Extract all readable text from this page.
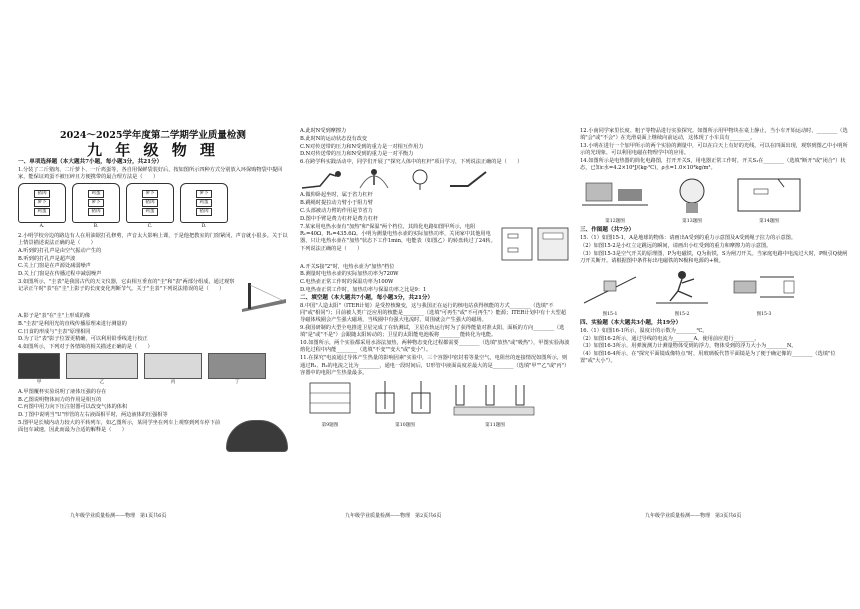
2024～2025学年度第二学期学业质量检测
九 年 级 物 理

一、单项选择题（本大题共7小题，每小题3分，共21分）

1.分装了二斤猪肉、二斤萝卜、一斤鸡蛋等，各自用保鲜袋装好后，按如图所示四种方式分别放入环保购物袋中提回家，能保证鸡蛋不被压碎且方便携带的最合理方法是（　　）

猪肉
萝卜
鸡蛋
A.
鸡蛋
萝卜
猪肉
B.
萝卜
猪肉
鸡蛋
C.
萝卜
鸡蛋
猪肉
D.

2.小明学校旁边的路边有人在用油锯打孔修剪，声音太大影响上课，于是他把教室的门窗紧闭，声音就小很多。关于以上情景描述说法正确的是（　　）

A.听到的打孔声是由空气振动产生的

B.听到的打孔声是超声波

C.关上门窗是在声源处减弱噪声

D.关上门窗是在传播过程中减弱噪声

3.如图所示，"圭表"是我国古代的天文仪器，它由相互垂直的"圭"和"表"两部分组成，通过观察记录正午时"表"在"圭"上影子的长度变化判断节气。关于"圭表"下列说法错误的是（　　）

A.影子是"表"在"圭"上形成的像

B."圭表"是利用光的直线传播原理来进行测量的

C.日食的形成与"圭表"原理相同

D.为了让"表"影子位置更精确，可以利用铅垂线进行校正

4.如图所示，下列对于各情境的相关描述正确的是（　　）

甲	乙	丙	丁

A.甲图覆杯实验说明了液体压强的存在

B.乙图说明物体间力的作用是相互的

C.丙图中用力向下压注射器可以改变气体的体积

D.丁图中说明当"U"形管的左右液面相平时，两边液体的压强相等

5.图甲是长城内动力较大的平转列车，如乙图所示，某同学坐在列车上观察到列车停下前面包车减速，因此而最为合适的解释是（　　）

九年级学业质量检测——物理　第1页共6页

A.此时N受到摩擦力

B.此时N的运动状态没有改变

C.N对传送带的压力和N受到的重力是一对相互作用力

D.N对传送带的压力和N受到的重力是一对平衡力

6.在跨学科实践活动中，同学们开展了"探究人体中的杠杆"项目学习，下列说法正确的是（　　）

A.做仰卧起坐时，属于省力杠杆

B.跳绳时提拉动力臂小于阻力臂

C.头部被动力臂的作用是节省力

D.图中手臂是费力杠杆是费力杠杆

7.某家用电热水壶有"加热"和"保温"两个档位，其简化电路如图甲所示，电阻R₁=40Ω，R₂=435.6Ω。小明为测量电热水壶的实际加热功率，关闭家中其他用电器，只让电热水壶在"加热"状态下工作1min，电能表（如图乙）的转盘转过了24转。下列说法正确的是（　　）

A.开关S接"2"时，电热水壶为"加热"档位

B.测量时电热水壶的实际加热功率为720W

C.电热壶正常工作时的保温功率为100W

D.电热壶正常工作时，加热功率与保温功率之比是9：1

二、填空题（本大题共7小题，每小题3分，共21分）

8.中国"人造太阳"（ITER计划）是受控核聚变，这与我国正在运行的核电站获得核能的方式________（选填"不同"或"相同"）；目前被人类广泛应用的核能是________（选填"可再生"或"不可再生"）能源；ITER计划中有十大型超导磁体线圈会产生强大磁场，当线圈中有强大电流时，周围就会产生强大的磁场。

9.我国研制的大型全电推进卫星完成了在轨测试，卫星在轨运行时为了获得能量对准太阳，面板的方向________（选填"是"或"不是"）会跟随太阳转动的；卫星的太阳能电池板将________能转化为电能。

10.如图所示，两个实验都采用水浴法加热，两种物态变化过程都需要________（选填"放热"或"吸热"），甲图实验海波熔化过程中内能________（选填"不变""变大"或"变小"）。

11.在探究"电流通过导体产生热量的影响因素"实验中，三个容器中密封着等量空气，电阻丝的连接情况如图所示，则通过R₁、R₂的电流之比为________，通电一段时间后，U形管中液面高度差最大的是________（选填"甲""乙"或"丙"）容器中的电阻产生热量最多。

第9题图	第10题图	第11题图
九年级学业质量检测——物理　第2页共6页

12.小南同学家里长度、粗子等物品进行实验探究。如图所示用甲物块在桌上静止，当小车开始运动时，________（选填"会"或"不会"）在光滑桌面上继续向前运动，这体现了小车具有________。

13.小明在进行一个加甲所示的两个实验的测量中，可以在白天上有好的光线，可以在四面出现，观察到图乙中小明所示的光现象，可以利用电磁在物理学中的应用。

14.如图所示是电热器的简化电路图，打开开关S，用电器正常工作时，开关S₁在________（选填"断开"或"闭合"）状态，已知c水=4.2×10³J/(kg·℃)，ρ水=1.0×10³kg/m³。

第12题图	第13题图	第14题图

三、作图题（共7分）

15.（1）如图15-1，A是地球的物体：请画出A受到的重力示意图及A受到绳子拉力的示意图。

（2）如图15-2是小红立定跳远的瞬间，请画出小红受到的重力和摩擦力的示意图。

（3）如图15-3是空气开关的原理图，P为电磁铁，Q为衔铁，S为闸刀开关。当家庭电路中电流过大时，P吸引Q使闸刀开关断开。请根据图中条件标出电磁铁的N极和电源的+极。

图15-1	图15-2	图15-3

四、实验题（本大题共3小题，共19分）

16.（1）如图16-1所示，温度计的示数为________℃。

（2）如图16-2所示，通过导线的电流为________A，使用前应进行________。

（3）如图16-3所示，用弹簧测力计测量物体受到的浮力，物体受到的浮力大小为________N。

（4）如图16-4所示，在"探究平面镜成像特点"时，用玻璃板代替平面镜是为了便于确定像的________（选填"位置"或"大小"）。

九年级学业质量检测——物理　第3页共6页
